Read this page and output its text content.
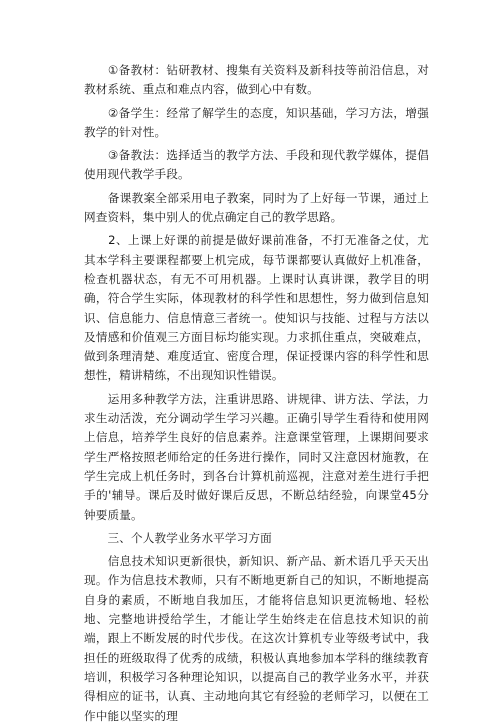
　　①备教材：钻研教材、搜集有关资料及新科技等前沿信息，对教材系统、重点和难点内容，做到心中有数。

　　②备学生：经常了解学生的态度，知识基础，学习方法，增强教学的针对性。

　　③备教法：选择适当的教学方法、手段和现代教学媒体，提倡使用现代教学手段。

　　备课教案全部采用电子教案，同时为了上好每一节课，通过上网查资料，集中别人的优点确定自己的教学思路。

　　2、上课上好课的前提是做好课前准备，不打无准备之仗，尤其本学科主要课程都要上机完成，每节课都要认真做好上机准备，检查机器状态，有无不可用机器。上课时认真讲课，教学目的明确，符合学生实际，体现教材的科学性和思想性，努力做到信息知识、信息能力、信息情意三者统一。使知识与技能、过程与方法以及情感和价值观三方面目标均能实现。力求抓住重点，突破难点，做到条理清楚、难度适宜、密度合理，保证授课内容的科学性和思想性，精讲精练，不出现知识性错误。

　　运用多种教学方法，注重讲思路、讲规律、讲方法、学法，力求生动活泼，充分调动学生学习兴趣。正确引导学生看待和使用网上信息，培养学生良好的信息素养。注意课堂管理，上课期间要求学生严格按照老师给定的任务进行操作，同时又注意因材施教，在学生完成上机任务时，到各台计算机前巡视，注意对差生进行手把手的'辅导。课后及时做好课后反思，不断总结经验，向课堂45分钟要质量。

　　三、个人教学业务水平学习方面

　　信息技术知识更新很快，新知识、新产品、新术语几乎天天出现。作为信息技术教师，只有不断地更新自己的知识，不断地提高自身的素质，不断地自我加压，才能将信息知识更流畅地、轻松地、完整地讲授给学生，才能让学生始终走在信息技术知识的前端，跟上不断发展的时代步伐。在这次计算机专业等级考试中，我担任的班级取得了优秀的成绩，积极认真地参加本学科的继续教育培训，积极学习各种理论知识，以提高自己的教学业务水平，并获得相应的证书，认真、主动地向其它有经验的老师学习，以便在工作中能以坚实的理
